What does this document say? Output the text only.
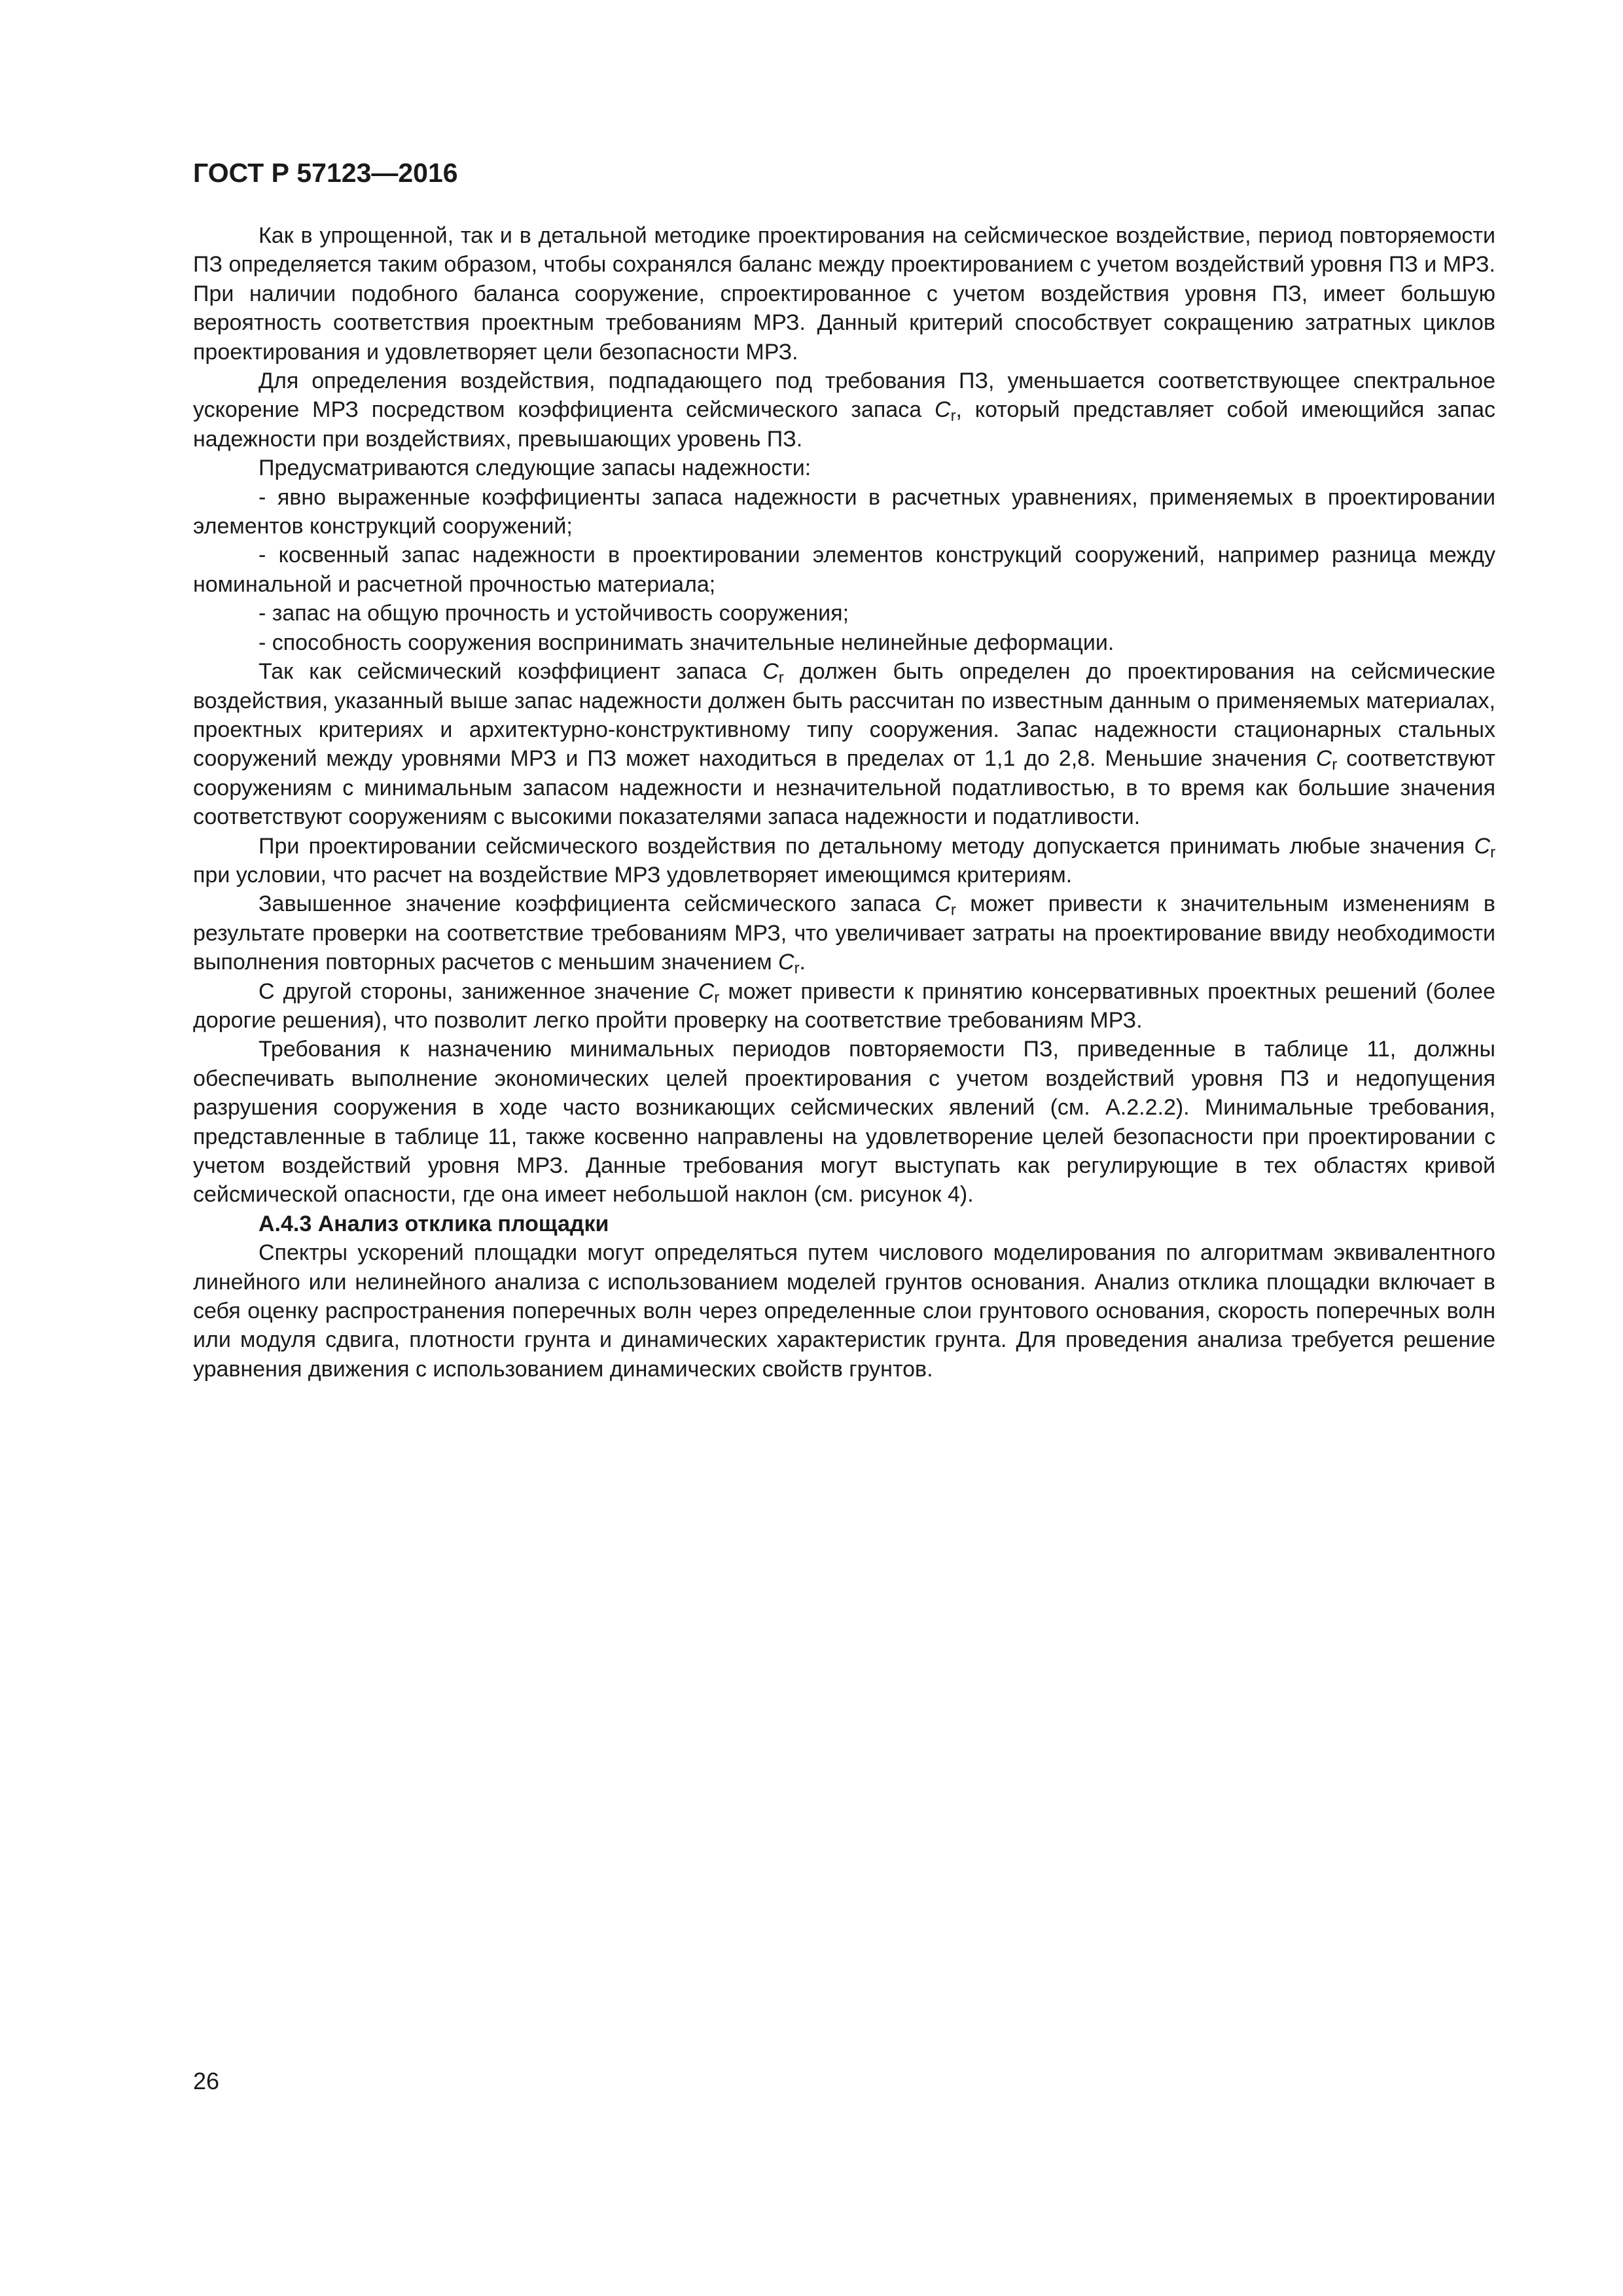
ГОСТ Р 57123—2016

Как в упрощенной, так и в детальной методике проектирования на сейсмическое воздействие, период повторяемости ПЗ определяется таким образом, чтобы сохранялся баланс между проектированием с учетом воздействий уровня ПЗ и МРЗ. При наличии подобного баланса сооружение, спроектированное с учетом воздействия уровня ПЗ, имеет большую вероятность соответствия проектным требованиям МРЗ. Данный критерий способствует сокращению затратных циклов проектирования и удовлетворяет цели безопасности МРЗ.

Для определения воздействия, подпадающего под требования ПЗ, уменьшается соответствующее спектральное ускорение МРЗ посредством коэффициента сейсмического запаса $C_r$, который представляет собой имеющийся запас надежности при воздействиях, превышающих уровень ПЗ.

Предусматриваются следующие запасы надежности:

- явно выраженные коэффициенты запаса надежности в расчетных уравнениях, применяемых в проектировании элементов конструкций сооружений;

- косвенный запас надежности в проектировании элементов конструкций сооружений, например разница между номинальной и расчетной прочностью материала;

- запас на общую прочность и устойчивость сооружения;

- способность сооружения воспринимать значительные нелинейные деформации.

Так как сейсмический коэффициент запаса $C_r$ должен быть определен до проектирования на сейсмические воздействия, указанный выше запас надежности должен быть рассчитан по известным данным о применяемых материалах, проектных критериях и архитектурно-конструктивному типу сооружения. Запас надежности стационарных стальных сооружений между уровнями МРЗ и ПЗ может находиться в пределах от 1,1 до 2,8. Меньшие значения $C_r$ соответствуют сооружениям с минимальным запасом надежности и незначительной податливостью, в то время как большие значения соответствуют сооружениям с высокими показателями запаса надежности и податливости.

При проектировании сейсмического воздействия по детальному методу допускается принимать любые значения $C_r$ при условии, что расчет на воздействие МРЗ удовлетворяет имеющимся критериям.

Завышенное значение коэффициента сейсмического запаса $C_r$ может привести к значительным изменениям в результате проверки на соответствие требованиям МРЗ, что увеличивает затраты на проектирование ввиду необходимости выполнения повторных расчетов с меньшим значением $C_r$.

С другой стороны, заниженное значение $C_r$ может привести к принятию консервативных проектных решений (более дорогие решения), что позволит легко пройти проверку на соответствие требованиям МРЗ.

Требования к назначению минимальных периодов повторяемости ПЗ, приведенные в таблице 11, должны обеспечивать выполнение экономических целей проектирования с учетом воздействий уровня ПЗ и недопущения разрушения сооружения в ходе часто возникающих сейсмических явлений (см. А.2.2.2). Минимальные требования, представленные в таблице 11, также косвенно направлены на удовлетворение целей безопасности при проектировании с учетом воздействий уровня МРЗ. Данные требования могут выступать как регулирующие в тех областях кривой сейсмической опасности, где она имеет небольшой наклон (см. рисунок 4).

А.4.3 Анализ отклика площадки

Спектры ускорений площадки могут определяться путем числового моделирования по алгоритмам эквивалентного линейного или нелинейного анализа с использованием моделей грунтов основания. Анализ отклика площадки включает в себя оценку распространения поперечных волн через определенные слои грунтового основания, скорость поперечных волн или модуля сдвига, плотности грунта и динамических характеристик грунта. Для проведения анализа требуется решение уравнения движения с использованием динамических свойств грунтов.

26
